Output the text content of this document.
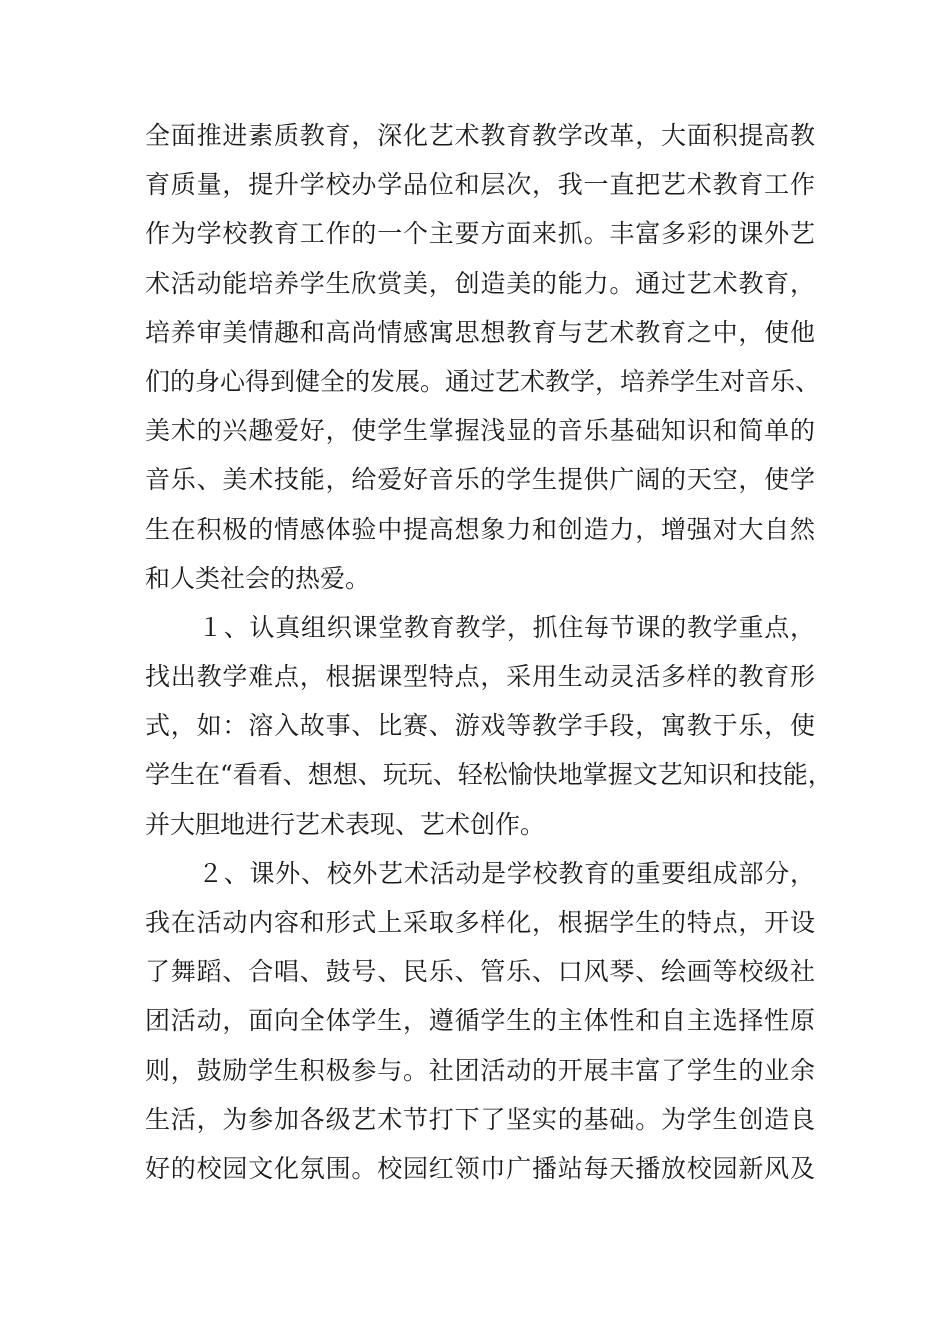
全面推进素质教育，深化艺术教育教学改革，大面积提高教
育质量，提升学校办学品位和层次，我一直把艺术教育工作
作为学校教育工作的一个主要方面来抓。丰富多彩的课外艺
术活动能培养学生欣赏美，创造美的能力。通过艺术教育，
培养审美情趣和高尚情感寓思想教育与艺术教育之中，使他
们的身心得到健全的发展。通过艺术教学，培养学生对音乐、
美术的兴趣爱好，使学生掌握浅显的音乐基础知识和简单的
音乐、美术技能，给爱好音乐的学生提供广阔的天空，使学
生在积极的情感体验中提高想象力和创造力，增强对大自然
和人类社会的热爱。
１、认真组织课堂教育教学，抓住每节课的教学重点，
找出教学难点，根据课型特点，采用生动灵活多样的教育形
式，如：溶入故事、比赛、游戏等教学手段，寓教于乐，使
学生在“看看、想想、玩玩、轻松愉快地掌握文艺知识和技能，
并大胆地进行艺术表现、艺术创作。
２、课外、校外艺术活动是学校教育的重要组成部分，
我在活动内容和形式上采取多样化，根据学生的特点，开设
了舞蹈、合唱、鼓号、民乐、管乐、口风琴、绘画等校级社
团活动，面向全体学生，遵循学生的主体性和自主选择性原
则，鼓励学生积极参与。社团活动的开展丰富了学生的业余
生活，为参加各级艺术节打下了坚实的基础。为学生创造良
好的校园文化氛围。校园红领巾广播站每天播放校园新风及
